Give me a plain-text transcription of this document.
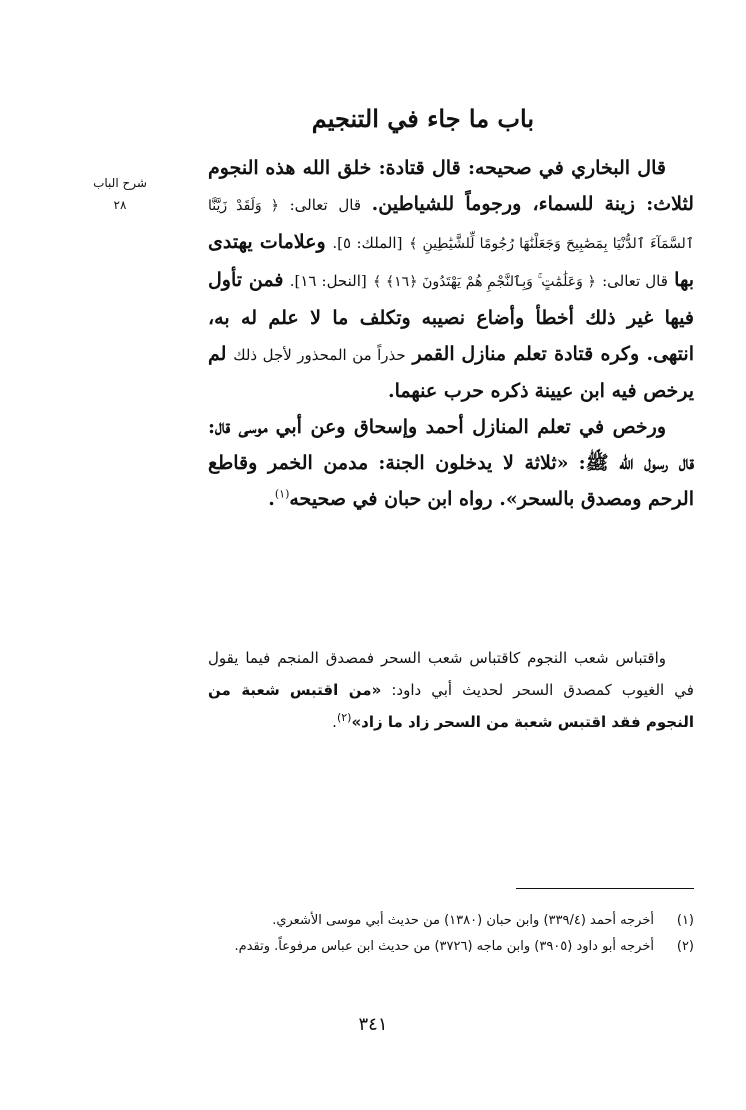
شرح الباب
٢٨
باب ما جاء في التنجيم

قال البخاري في صحيحه: قال قتادة: خلق الله هذه النجوم لثلاث: زينة للسماء، ورجوماً للشياطين. قال تعالى: ﴿ وَلَقَدْ زَيَّنَّا ٱلسَّمَآءَ ٱلدُّنْيَا بِمَصَٰبِيحَ وَجَعَلْنَٰهَا رُجُومًا لِّلشَّيَٰطِينِ ﴾ [الملك: ٥]. وعلامات يهتدى بها قال تعالى: ﴿ وَعَلَٰمَٰتٍ ۚ وَبِٱلنَّجْمِ هُمْ يَهْتَدُونَ ﴿١٦﴾ ﴾ [النحل: ١٦]. فمن تأول فيها غير ذلك أخطأ وأضاع نصيبه وتكلف ما لا علم له به، انتهى. وكره قتادة تعلم منازل القمر حذراً من المحذور لأجل ذلك لم يرخص فيه ابن عيينة ذكره حرب عنهما.

ورخص في تعلم المنازل أحمد وإسحاق وعن أبي موسى قال: قال رسول الله ﷺ: «ثلاثة لا يدخلون الجنة: مدمن الخمر وقاطع الرحم ومصدق بالسحر». رواه ابن حبان في صحيحه$^{(١)}$.

واقتباس شعب النجوم كاقتباس شعب السحر فمصدق المنجم فيما يقول في الغيوب كمصدق السحر لحديث أبي داود: «من اقتبس شعبة من النجوم فقد اقتبس شعبة من السحر زاد ما زاد»$^{(٢)}$.

(١)
أخرجه أحمد (٣٣٩/٤) وابن حبان (١٣٨٠) من حديث أبي موسى الأشعري.
(٢)
أخرجه أبو داود (٣٩٠٥) وابن ماجه (٣٧٢٦) من حديث ابن عباس مرفوعاً. وتقدم.
٣٤١
